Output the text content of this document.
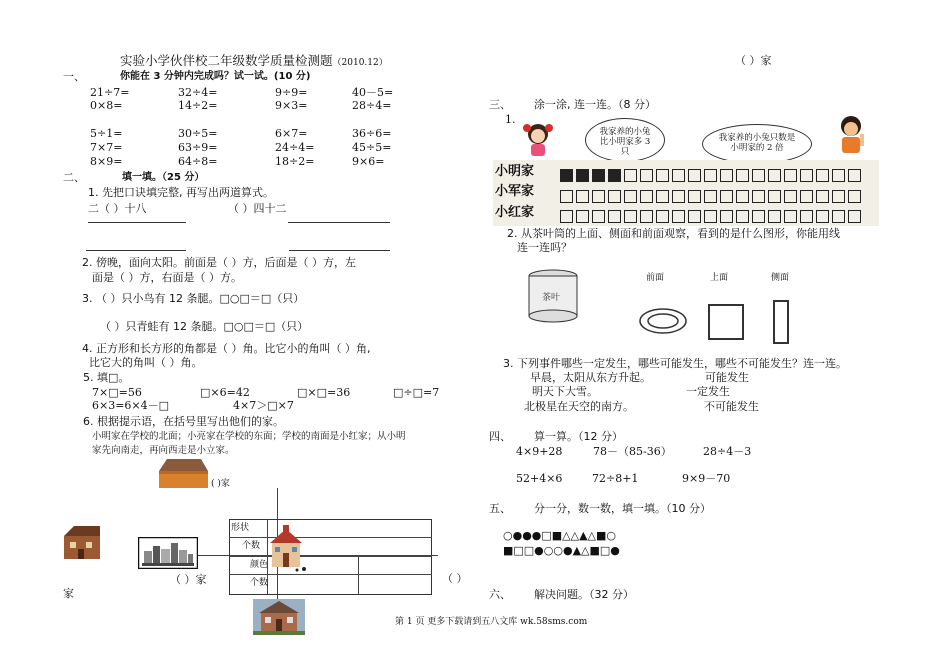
实验小学伙伴校二年级数学质量检测题（2010.12）	（ ）家
一、	你能在 3 分钟内完成吗？试一试。(10 分)
21÷7=	32÷4=	9÷9=	40－5=
0×8=	14÷2=	9×3=	28÷4=
5÷1=	30÷5=	6×7=	36÷6=
7×7=	63÷9=	24÷4=	45÷5=
8×9=	64÷8=	18÷2=	9×6=
二、	填一填。（25 分）
1. 先把口诀填完整, 再写出两道算式。
二（ ）十八	（ ）四十二
2. 傍晚，面向太阳。前面是（ ）方，后面是（ ）方，左
面是（ ）方，右面是（ ）方。
3. （ ）只小鸟有 12 条腿。□○□＝□（只）
（ ）只青蛙有 12 条腿。□○□＝□（只）
4. 正方形和长方形的角都是（ ）角。比它小的角叫（ ）角,
比它大的角叫（ ）角。
5. 填□。
7×□=56	□×6=42	□×□=36	□÷□=7
6×3=6×4－□	4×7＞□×7
6. 根据提示语，在括号里写出他们的家。
小明家在学校的北面；小亮家在学校的东面；学校的南面是小红家；从小明
家先向南走，再向西走是小立家。
( )家
家
（ ）家
形状
个数
颜色
个数	（ ）
三、 涂一涂, 连一连。（8 分）
1.
我家养的小兔比小明家多 3 只
我家养的小兔只数是小明家的 2 倍
小明家
小军家
小红家
2. 从茶叶筒的上面、侧面和前面观察，看到的是什么图形，你能用线
连一连吗？
茶叶
前面	上面	侧面
3. 下列事件哪些一定发生，哪些可能发生，哪些不可能发生？连一连。
早晨，太阳从东方升起。
明天下大雪。
北极星在天空的南方。
可能发生
一定发生
不可能发生
四、 算一算。（12 分）
4×9+28	78－（85-36）	28÷4－3
52+4×6	72÷8+1	9×9－70
五、 分一分，数一数，填一填。（10 分）
○●●●□■△△▲△■○
■□□●○○●▲△■□●
六、 解决问题。（32 分）
第 1 页 更多下载请到五八文库 wk.58sms.com
